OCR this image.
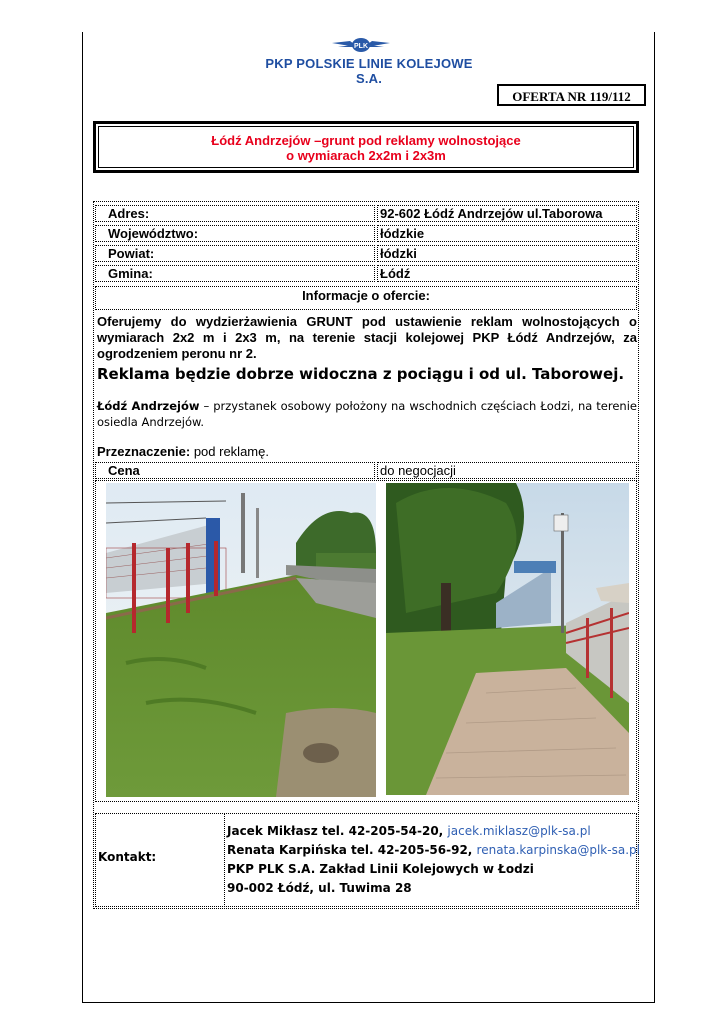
PLK
PKP POLSKIE LINIE KOLEJOWE S.A.
OFERTA NR 119/112
Łódź Andrzejów –grunt pod reklamy wolnostojące
o wymiarach 2x2m i 2x3m
Adres:	92-602 Łódź Andrzejów ul.Taborowa
Województwo:	łódzkie
Powiat:	łódzki
Gmina:	Łódź
Informacje o ofercie:
Oferujemy do wydzierżawienia GRUNT pod ustawienie reklam wolnostojących o wymiarach 2x2 m i 2x3 m, na terenie stacji kolejowej PKP Łódź Andrzejów, za ogrodzeniem peronu nr 2.
Reklama będzie dobrze widoczna z pociągu i od ul. Taborowej.
Łódź Andrzejów – przystanek osobowy położony na wschodnich częściach Łodzi, na terenie osiedla Andrzejów.
Przeznaczenie: pod reklamę.
Cena	do negocjacji
Kontakt:
Jacek Mikłasz tel. 42-205-54-20, jacek.miklasz@plk-sa.pl
Renata Karpińska tel. 42-205-56-92, renata.karpinska@plk-sa.pl
PKP PLK S.A. Zakład Linii Kolejowych w Łodzi
90-002 Łódź, ul. Tuwima 28
